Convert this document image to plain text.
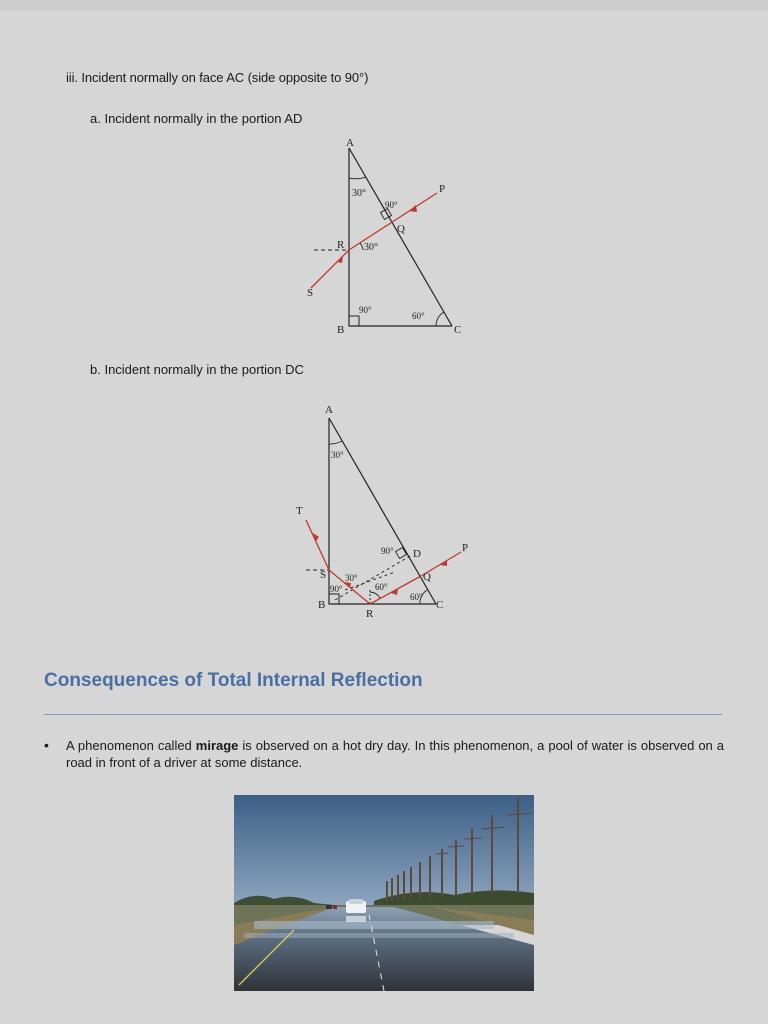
iii. Incident normally on face AC (side opposite to 90°)
a. Incident normally in the portion AD
A
B	C
P
Q
R
S
30°
90°
30°
90°
60°
b. Incident normally in the portion DC
A
B	C
D	P
Q
R
S
T
30°
90°
30°
90°	60°
60°
Consequences of Total Internal Reflection
• A phenomenon called mirage is observed on a hot dry day. In this phenomenon, a pool of water is observed on a road in front of a driver at some distance.
